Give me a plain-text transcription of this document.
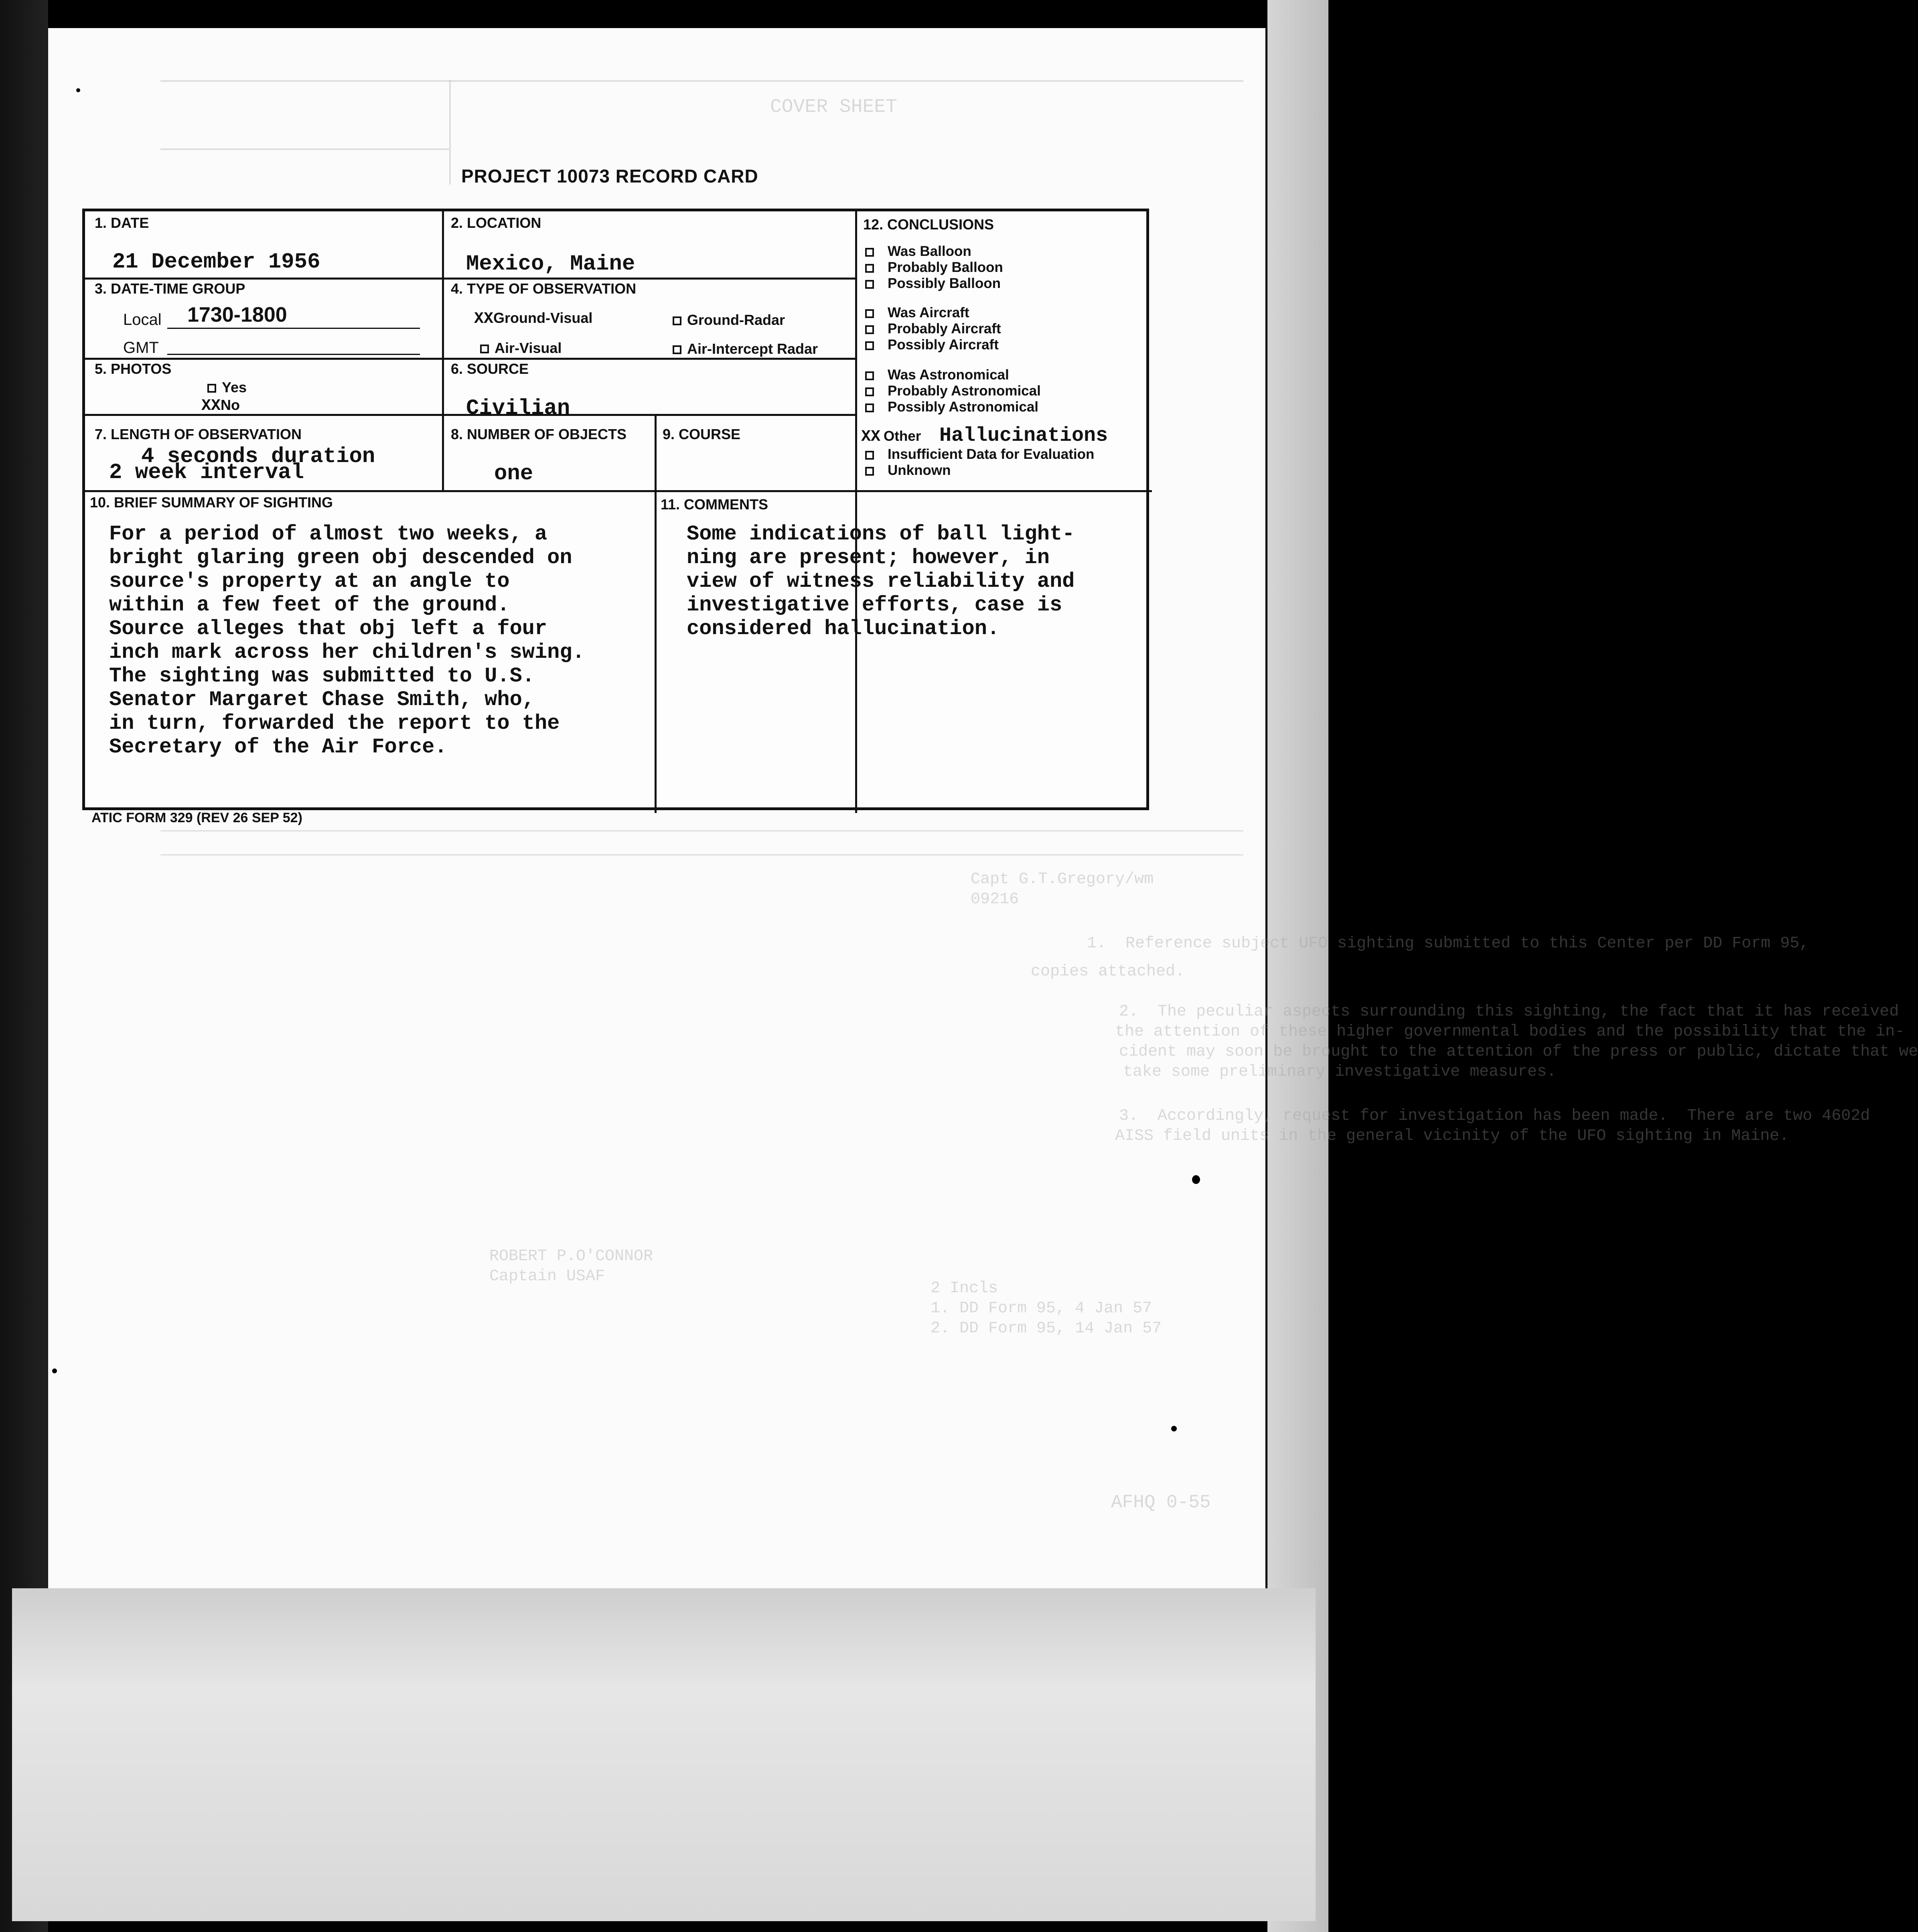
COVER SHEET
Capt G.T.Gregory/wm
09216
1.  Reference subject UFO sighting submitted to this Center per DD Form 95,
copies attached.
2.  The peculiar aspects surrounding this sighting, the fact that it has received
the attention of these higher governmental bodies and the possibility that the in-
cident may soon be brought to the attention of the press or public, dictate that we
take some preliminary investigative measures.
3.  Accordingly, request for investigation has been made.  There are two 4602d
AISS field units in the general vicinity of the UFO sighting in Maine.
ROBERT P.O'CONNOR
Captain USAF
2 Incls
1. DD Form 95, 4 Jan 57
2. DD Form 95, 14 Jan 57
AFHQ 0-55
PROJECT 10073 RECORD CARD
1. DATE
21 December 1956
2. LOCATION
Mexico, Maine
3. DATE-TIME GROUP
Local 1730-1800
GMT
4. TYPE OF OBSERVATION
XXGround-Visual	Ground-Radar
Air-Visual	Air-Intercept Radar
5. PHOTOS
Yes
XXNo
6. SOURCE
Civilian
7. LENGTH OF OBSERVATION
4 seconds duration
2 week interval
8. NUMBER OF OBJECTS
one
9. COURSE
12. CONCLUSIONS
Was Balloon
Probably Balloon
Possibly Balloon
Was Aircraft
Probably Aircraft
Possibly Aircraft
Was Astronomical
Probably Astronomical
Possibly Astronomical
XX Other Hallucinations
Insufficient Data for Evaluation
Unknown
10. BRIEF SUMMARY OF SIGHTING
For a period of almost two weeks, a
bright glaring green obj descended on
source's property at an angle to
within a few feet of the ground.
Source alleges that obj left a four
inch mark across her children's swing.
The sighting was submitted to U.S.
Senator Margaret Chase Smith, who,
in turn, forwarded the report to the
Secretary of the Air Force.
11. COMMENTS
Some indications of ball light-
ning are present; however, in
view of witness reliability and
investigative efforts, case is
considered hallucination.
ATIC FORM 329 (REV 26 SEP 52)
